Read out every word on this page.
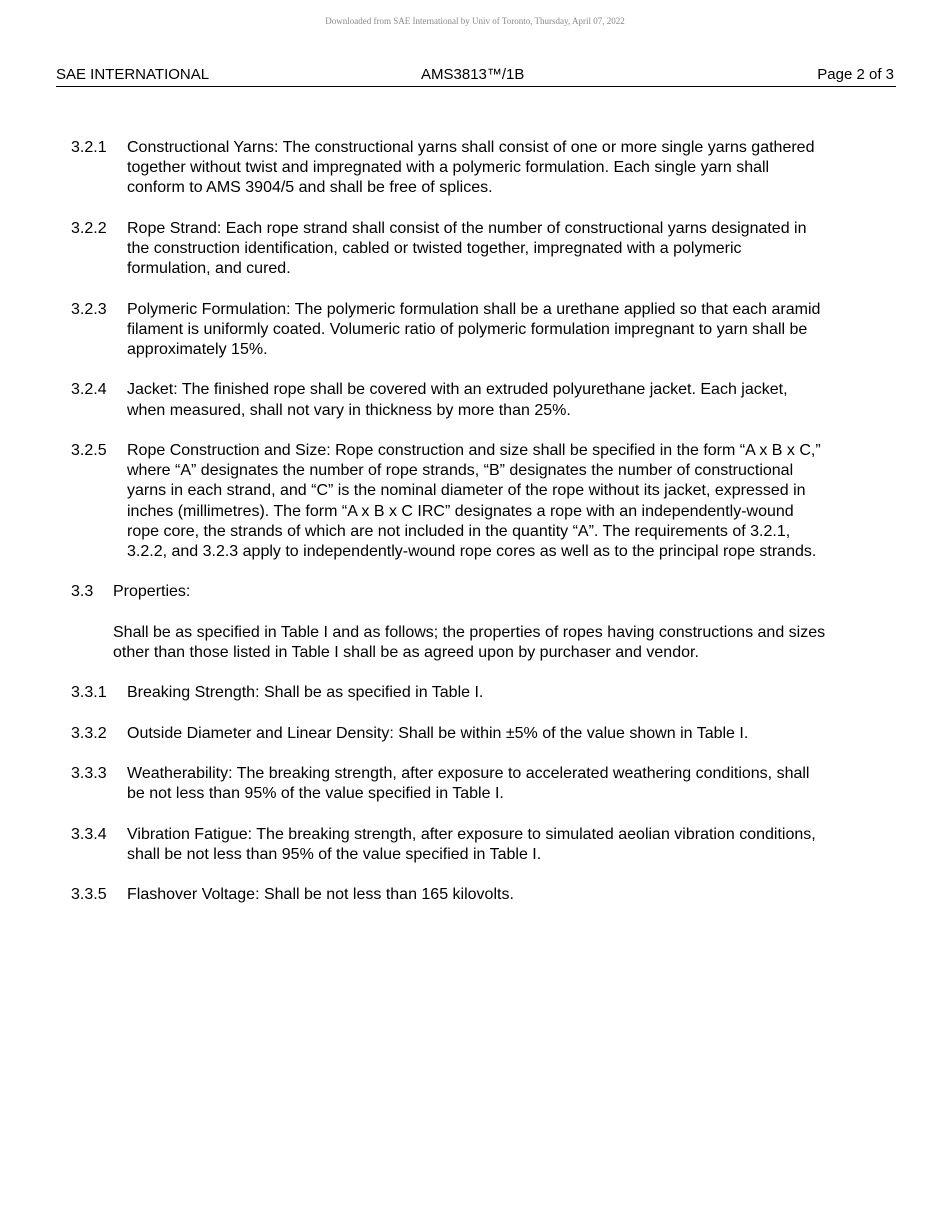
Downloaded from SAE International by Univ of Toronto, Thursday, April 07, 2022
SAE INTERNATIONAL	AMS3813™/1B	Page 2 of 3
3.2.1	Constructional Yarns: The constructional yarns shall consist of one or more single yarns gathered
together without twist and impregnated with a polymeric formulation. Each single yarn shall
conform to AMS 3904/5 and shall be free of splices.
3.2.2	Rope Strand: Each rope strand shall consist of the number of constructional yarns designated in
the construction identification, cabled or twisted together, impregnated with a polymeric
formulation, and cured.
3.2.3	Polymeric Formulation: The polymeric formulation shall be a urethane applied so that each aramid
filament is uniformly coated. Volumeric ratio of polymeric formulation impregnant to yarn shall be
approximately 15%.
3.2.4	Jacket: The finished rope shall be covered with an extruded polyurethane jacket. Each jacket,
when measured, shall not vary in thickness by more than 25%.
3.2.5	Rope Construction and Size: Rope construction and size shall be specified in the form “A x B x C,”
where “A” designates the number of rope strands, “B” designates the number of constructional
yarns in each strand, and “C” is the nominal diameter of the rope without its jacket, expressed in
inches (millimetres). The form “A x B x C IRC” designates a rope with an independently-wound
rope core, the strands of which are not included in the quantity “A”. The requirements of 3.2.1,
3.2.2, and 3.2.3 apply to independently-wound rope cores as well as to the principal rope strands.
3.3	Properties:
Shall be as specified in Table I and as follows; the properties of ropes having constructions and sizes
other than those listed in Table I shall be as agreed upon by purchaser and vendor.
3.3.1	Breaking Strength: Shall be as specified in Table I.
3.3.2	Outside Diameter and Linear Density: Shall be within ±5% of the value shown in Table I.
3.3.3	Weatherability: The breaking strength, after exposure to accelerated weathering conditions, shall
be not less than 95% of the value specified in Table I.
3.3.4	Vibration Fatigue: The breaking strength, after exposure to simulated aeolian vibration conditions,
shall be not less than 95% of the value specified in Table I.
3.3.5	Flashover Voltage: Shall be not less than 165 kilovolts.
